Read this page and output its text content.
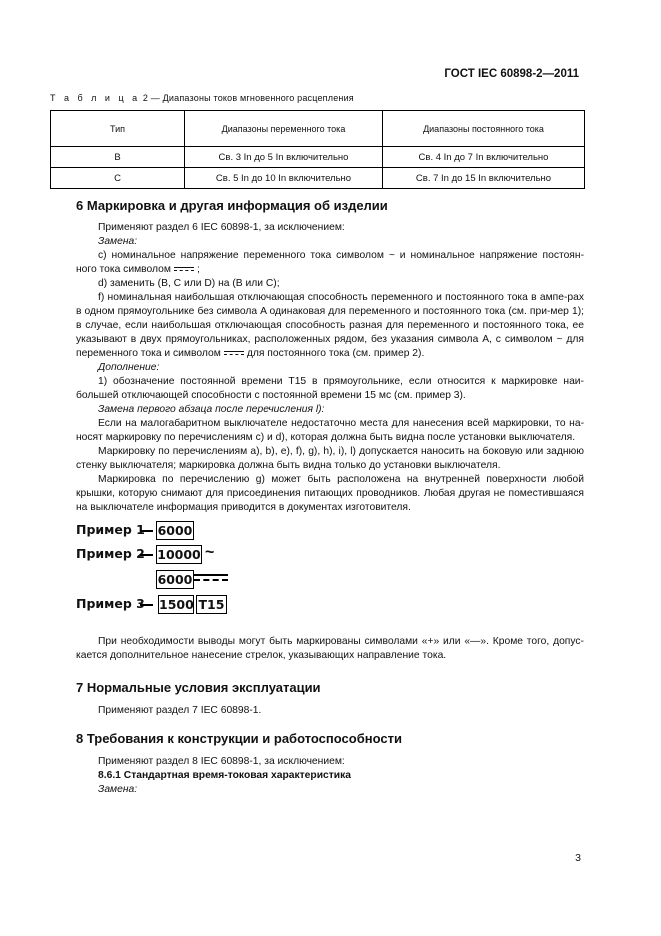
ГОСТ IEC 60898-2—2011
Т а б л и ц а 2 — Диапазоны токов мгновенного расцепления
Тип	Диапазоны переменного тока	Диапазоны постоянного тока
B	Св. 3 In до 5 In включительно	Св. 4 In до 7 In включительно
C	Св. 5 In до 10 In включительно	Св. 7 In до 15 In включительно
6 Маркировка и другая информация об изделии

Применяют раздел 6 IEC 60898-1, за исключением:

Замена:

c) номинальное напряжение переменного тока символом ~ и номинальное напряжение постоян- ного тока символом	;

d) заменить (B, C или D) на (B или C);

f) номинальная наибольшая отключающая способность переменного и постоянного тока в ампе-рах в одном прямоугольнике без символа A одинаковая для переменного и постоянного тока (см. при-мер 1); в случае, если наибольшая отключающая способность разная для переменного и постоянного тока, ее указывают в двух прямоугольниках, расположенных рядом, без указания символа A, с символом ~ для переменного тока и символом	для постоянного тока (см. пример 2).

Дополнение:

1) обозначение постоянной времени T15 в прямоугольнике, если относится к маркировке наи-большей отключающей способности с постоянной времени 15 мс (см. пример 3).

Замена первого абзаца после перечисления l):

Если на малогабаритном выключателе недостаточно места для нанесения всей маркировки, то на-носят маркировку по перечислениям c) и d), которая должна быть видна после установки выключателя.

Маркировку по перечислениям a), b), e), f), g), h), i), l) допускается наносить на боковую или заднюю стенку выключателя; маркировка должна быть видна только до установки выключателя.

Маркировка по перечислению g) может быть расположена на внутренней поверхности любой крышки, которую снимают для присоединения питающих проводников. Любая другая не поместившаяся на выключателе информация приводится в документах изготовителя.

Пример 1 6000
Пример 2 10000 ~
6000
Пример 3 1500 T15

При необходимости выводы могут быть маркированы символами «+» или «—». Кроме того, допус-кается дополнительное нанесение стрелок, указывающих направление тока.

7 Нормальные условия эксплуатации

Применяют раздел 7 IEC 60898-1.

8 Требования к конструкции и работоспособности

Применяют раздел 8 IEC 60898-1, за исключением:

8.6.1 Стандартная время-токовая характеристика

Замена:

3
